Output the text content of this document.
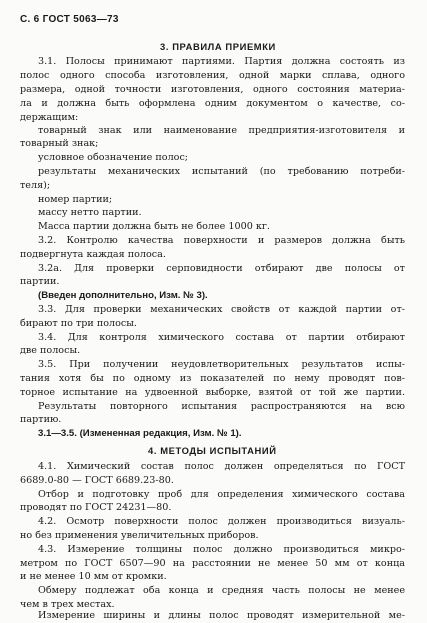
С. 6 ГОСТ 5063—73
3. ПРАВИЛА ПРИЕМКИ
3.1. Полосы принимают партиями. Партия должна состоять из
полос одного способа изготовления, одной марки сплава, одного
размера, одной точности изготовления, одного состояния материа-
ла и должна быть оформлена одним документом о качестве, со-
держащим:
товарный знак или наименование предприятия-изготовителя и
товарный знак;
условное обозначение полос;
результаты механических испытаний (по требованию потреби-
теля);
номер партии;
массу нетто партии.
Масса партии должна быть не более 1000 кг.
3.2. Контролю качества поверхности и размеров должна быть
подвергнута каждая полоса.
3.2а. Для проверки серповидности отбирают две полосы от
партии.
(Введен дополнительно, Изм. № 3).
3.3. Для проверки механических свойств от каждой партии от-
бирают по три полосы.
3.4. Для контроля химического состава от партии отбирают
две полосы.
3.5. При получении неудовлетворительных результатов испы-
тания хотя бы по одному из показателей по нему проводят пов-
торное испытание на удвоенной выборке, взятой от той же партии.
Результаты повторного испытания распространяются на всю
партию.
3.1—3.5. (Измененная редакция, Изм. № 1).
4. МЕТОДЫ ИСПЫТАНИЙ
4.1. Химический состав полос должен определяться по ГОСТ
6689.0-80 — ГОСТ 6689.23-80.
Отбор и подготовку проб для определения химического состава
проводят по ГОСТ 24231—80.
4.2. Осмотр поверхности полос должен производиться визуаль-
но без применения увеличительных приборов.
4.3. Измерение толщины полос должно производиться микро-
метром по ГОСТ 6507—90 на расстоянии не менее 50 мм от конца
и не менее 10 мм от кромки.
Обмеру подлежат оба конца и средняя часть полосы не менее
чем в трех местах.
Измерение ширины и длины полос проводят измерительной ме-
